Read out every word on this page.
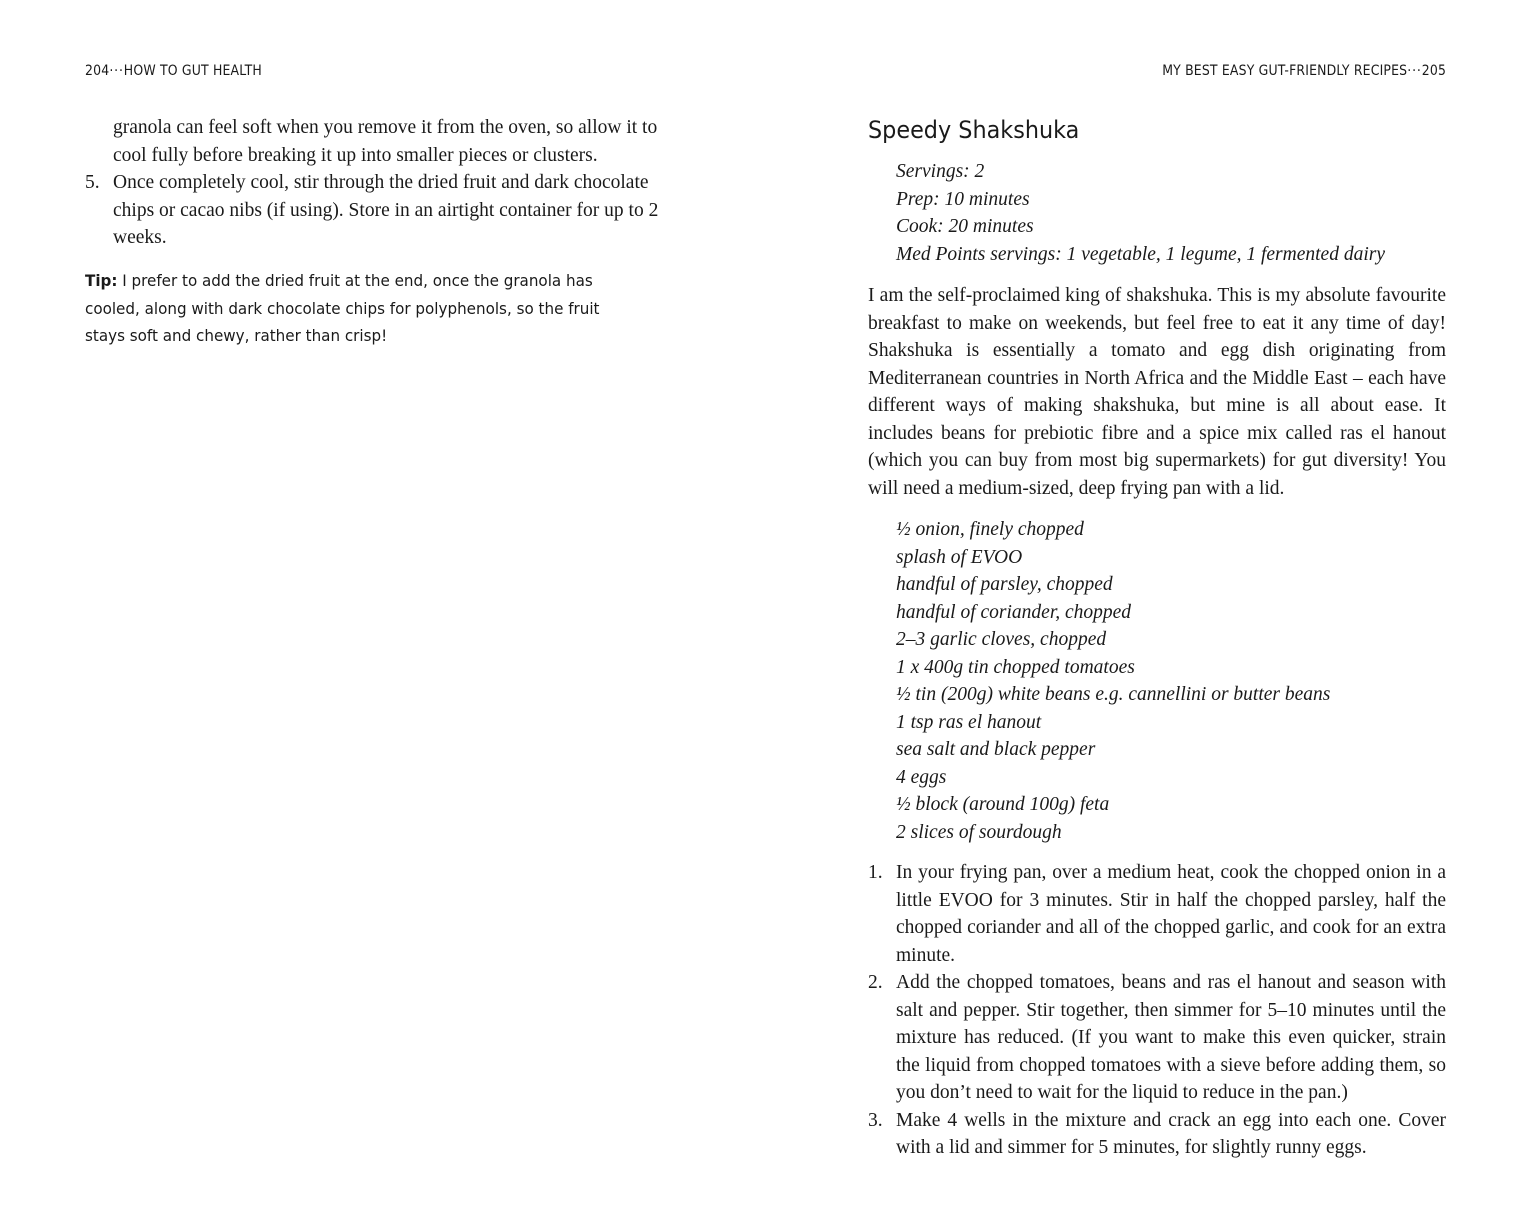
204···HOW TO GUT HEALTH

granola can feel soft when you remove it from the oven, so allow it to cool fully before breaking it up into smaller pieces or clusters.

5. Once completely cool, stir through the dried fruit and dark chocolate chips or cacao nibs (if using). Store in an airtight container for up to 2 weeks.

Tip: I prefer to add the dried fruit at the end, once the granola has cooled, along with dark chocolate chips for polyphenols, so the fruit stays soft and chewy, rather than crisp!

MY BEST EASY GUT-FRIENDLY RECIPES···205
Speedy Shakshuka
Servings: 2
Prep: 10 minutes
Cook: 20 minutes
Med Points servings: 1 vegetable, 1 legume, 1 fermented dairy

I am the self-proclaimed king of shakshuka. This is my absolute favourite breakfast to make on weekends, but feel free to eat it any time of day! Shakshuka is essentially a tomato and egg dish originating from Mediterranean countries in North Africa and the Middle East – each have different ways of making shakshuka, but mine is all about ease. It includes beans for prebiotic fibre and a spice mix called ras el hanout (which you can buy from most big supermarkets) for gut diversity! You will need a medium-sized, deep frying pan with a lid.

½ onion, finely chopped
splash of EVOO
handful of parsley, chopped
handful of coriander, chopped
2–3 garlic cloves, chopped
1 x 400g tin chopped tomatoes
½ tin (200g) white beans e.g. cannellini or butter beans
1 tsp ras el hanout
sea salt and black pepper
4 eggs
½ block (around 100g) feta
2 slices of sourdough
1. In your frying pan, over a medium heat, cook the chopped onion in a little EVOO for 3 minutes. Stir in half the chopped parsley, half the chopped coriander and all of the chopped garlic, and cook for an extra minute.
2. Add the chopped tomatoes, beans and ras el hanout and season with salt and pepper. Stir together, then simmer for 5–10 minutes until the mixture has reduced. (If you want to make this even quicker, strain the liquid from chopped tomatoes with a sieve before adding them, so you don’t need to wait for the liquid to reduce in the pan.)
3. Make 4 wells in the mixture and crack an egg into each one. Cover with a lid and simmer for 5 minutes, for slightly runny eggs.
